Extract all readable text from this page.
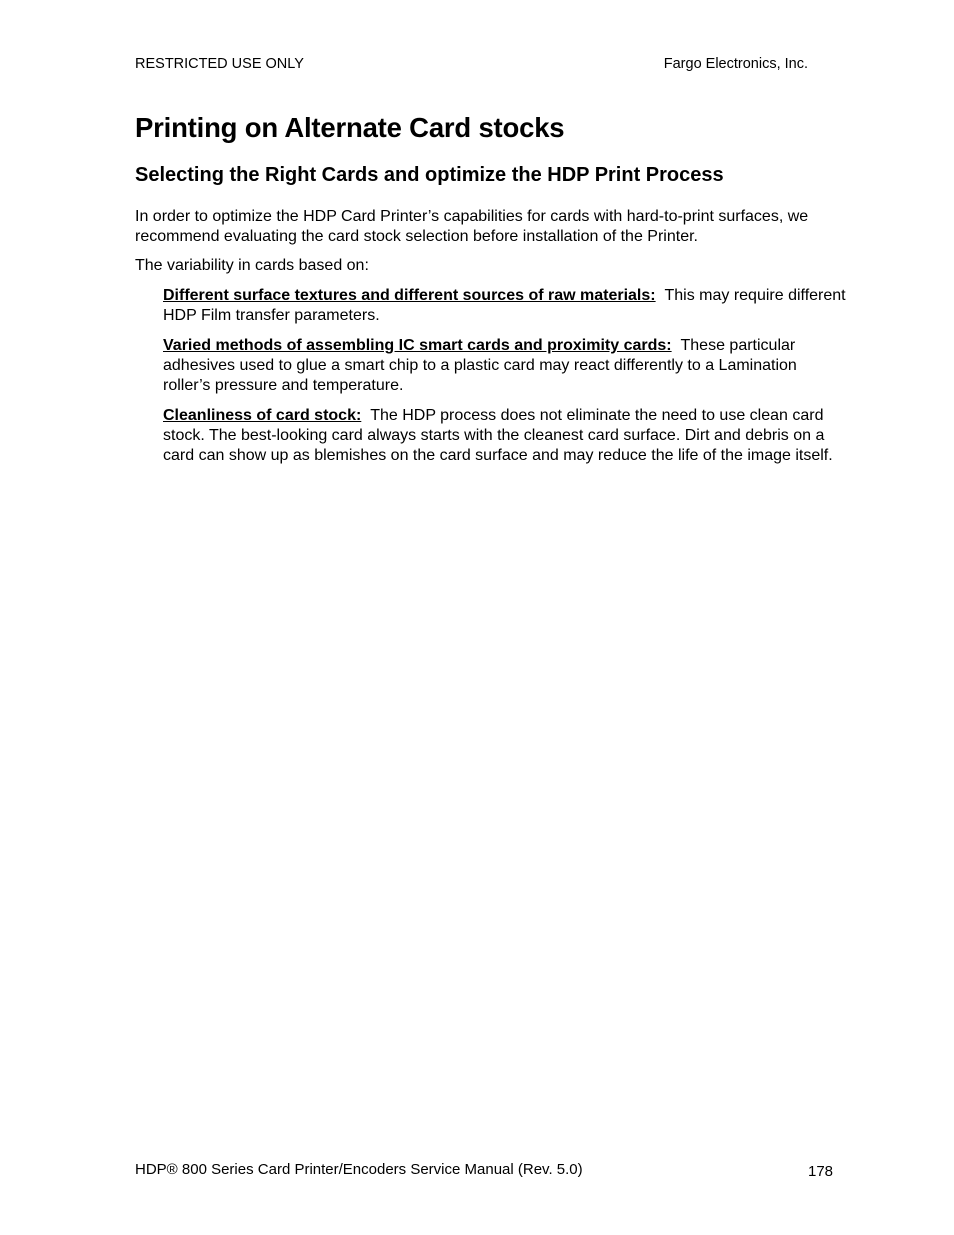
RESTRICTED USE ONLY	Fargo Electronics, Inc.
Printing on Alternate Card stocks
Selecting the Right Cards and optimize the HDP Print Process

In order to optimize the HDP Card Printer’s capabilities for cards with hard-to-print surfaces, we recommend evaluating the card stock selection before installation of the Printer.

The variability in cards based on:

Different surface textures and different sources of raw materials: This may require different HDP Film transfer parameters.

Varied methods of assembling IC smart cards and proximity cards: These particular adhesives used to glue a smart chip to a plastic card may react differently to a Lamination roller’s pressure and temperature.

Cleanliness of card stock: The HDP process does not eliminate the need to use clean card stock. The best-looking card always starts with the cleanest card surface. Dirt and debris on a card can show up as blemishes on the card surface and may reduce the life of the image itself.

HDP® 800 Series Card Printer/Encoders Service Manual (Rev. 5.0)	178
